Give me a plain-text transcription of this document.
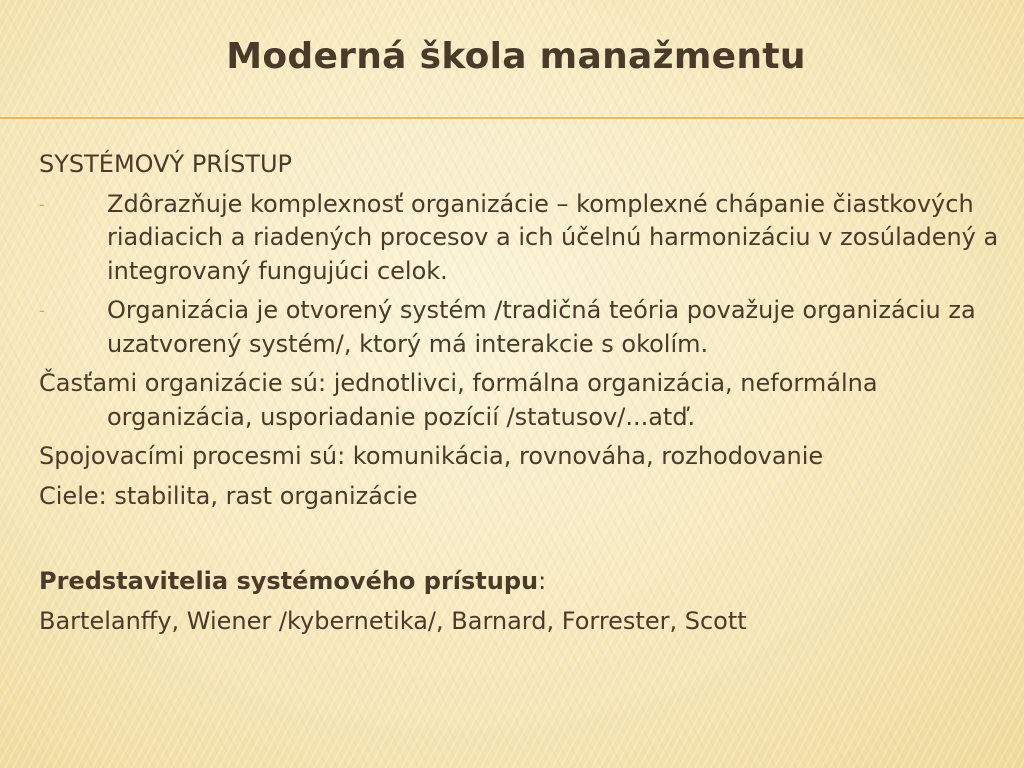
Moderná škola manažmentu
SYSTÉMOVÝ PRÍSTUP
-	Zdôrazňuje komplexnosť organizácie – komplexné chápanie čiastkových riadiacich a riadených procesov a ich účelnú harmonizáciu v zosúladený a integrovaný fungujúci celok.
-	Organizácia je otvorený systém /tradičná teória považuje organizáciu za uzatvorený systém/, ktorý má interakcie s okolím.
Časťami organizácie sú: jednotlivci, formálna organizácia, neformálna organizácia, usporiadanie pozícií /statusov/...atď.
Spojovacími procesmi sú: komunikácia, rovnováha, rozhodovanie
Ciele: stabilita, rast organizácie
Predstavitelia systémového prístupu:
Bartelanffy, Wiener /kybernetika/, Barnard, Forrester, Scott
